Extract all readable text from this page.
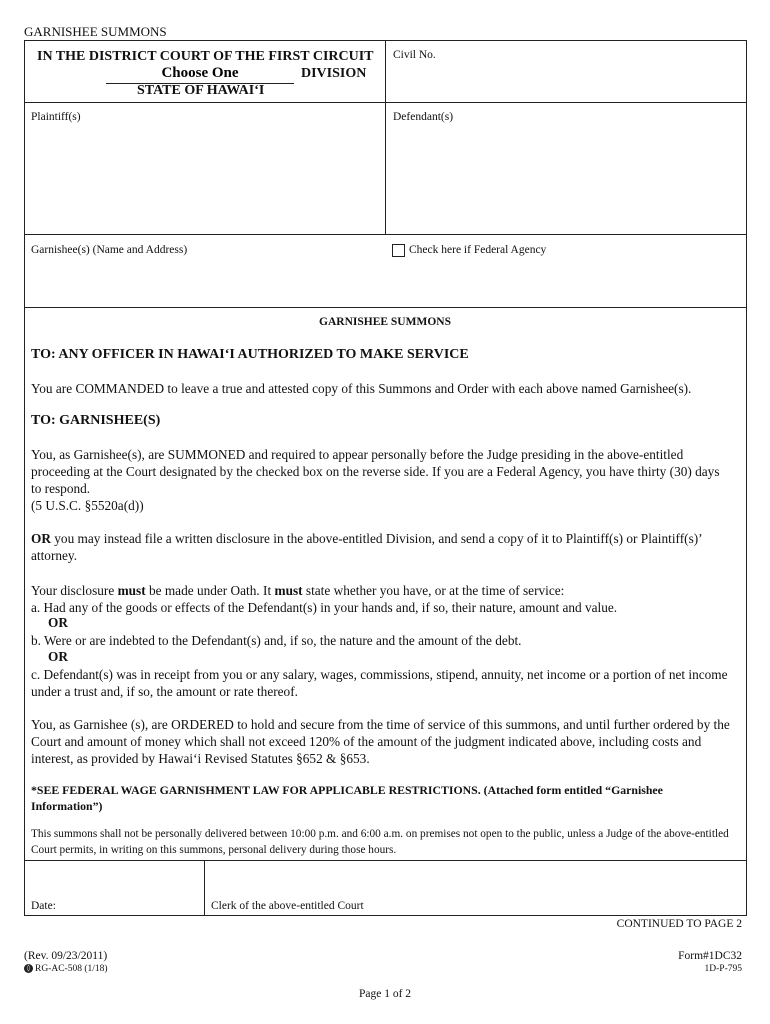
GARNISHEE SUMMONS
IN THE DISTRICT COURT OF THE FIRST CIRCUIT
Choose One DIVISION
STATE OF HAWAI‘I
Civil No.
Plaintiff(s)	Defendant(s)
Garnishee(s) (Name and Address)	Check here if Federal Agency
GARNISHEE SUMMONS
TO: ANY OFFICER IN HAWAI‘I AUTHORIZED TO MAKE SERVICE
You are COMMANDED to leave a true and attested copy of this Summons and Order with each above named Garnishee(s).
TO: GARNISHEE(S)
You, as Garnishee(s), are SUMMONED and required to appear personally before the Judge presiding in the above-entitled proceeding at the Court designated by the checked box on the reverse side. If you are a Federal Agency, you have thirty (30) days to respond.
(5 U.S.C. §5520a(d))
OR you may instead file a written disclosure in the above-entitled Division, and send a copy of it to Plaintiff(s) or Plaintiff(s)’ attorney.
Your disclosure must be made under Oath. It must state whether you have, or at the time of service:
a. Had any of the goods or effects of the Defendant(s) in your hands and, if so, their nature, amount and value.
OR
b. Were or are indebted to the Defendant(s) and, if so, the nature and the amount of the debt.
OR
c. Defendant(s) was in receipt from you or any salary, wages, commissions, stipend, annuity, net income or a portion of net income under a trust and, if so, the amount or rate thereof.
You, as Garnishee (s), are ORDERED to hold and secure from the time of service of this summons, and until further ordered by the Court and amount of money which shall not exceed 120% of the amount of the judgment indicated above, including costs and interest, as provided by Hawai‘i Revised Statutes §652 & §653.
*SEE FEDERAL WAGE GARNISHMENT LAW FOR APPLICABLE RESTRICTIONS. (Attached form entitled “Garnishee Information”)
This summons shall not be personally delivered between 10:00 p.m. and 6:00 a.m. on premises not open to the public, unless a Judge of the above-entitled Court permits, in writing on this summons, personal delivery during those hours.
Date:	Clerk of the above-entitled Court
CONTINUED TO PAGE 2
(Rev. 09/23/2011)
◊ RG-AC-508 (1/18)
Form#1DC32
1D-P-795
Page 1 of 2
